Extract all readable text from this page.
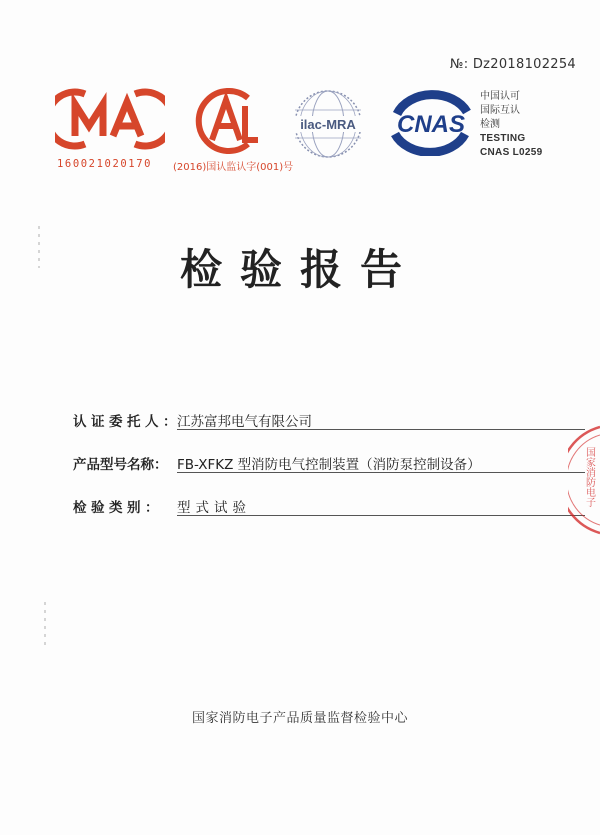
№: Dz2018102254
160021020170 (2016)国认监认字(001)号
ilac-MRA CNAS
中国认可
国际互认
检测
TESTING
CNAS L0259
检验报告
认证委托人：
江苏富邦电气有限公司
产品型号名称： FB-XFKZ 型消防电气控制装置（消防泵控制设备）
检验类别： 型式试验
国家消防电子
国家消防电子产品质量监督检验中心
